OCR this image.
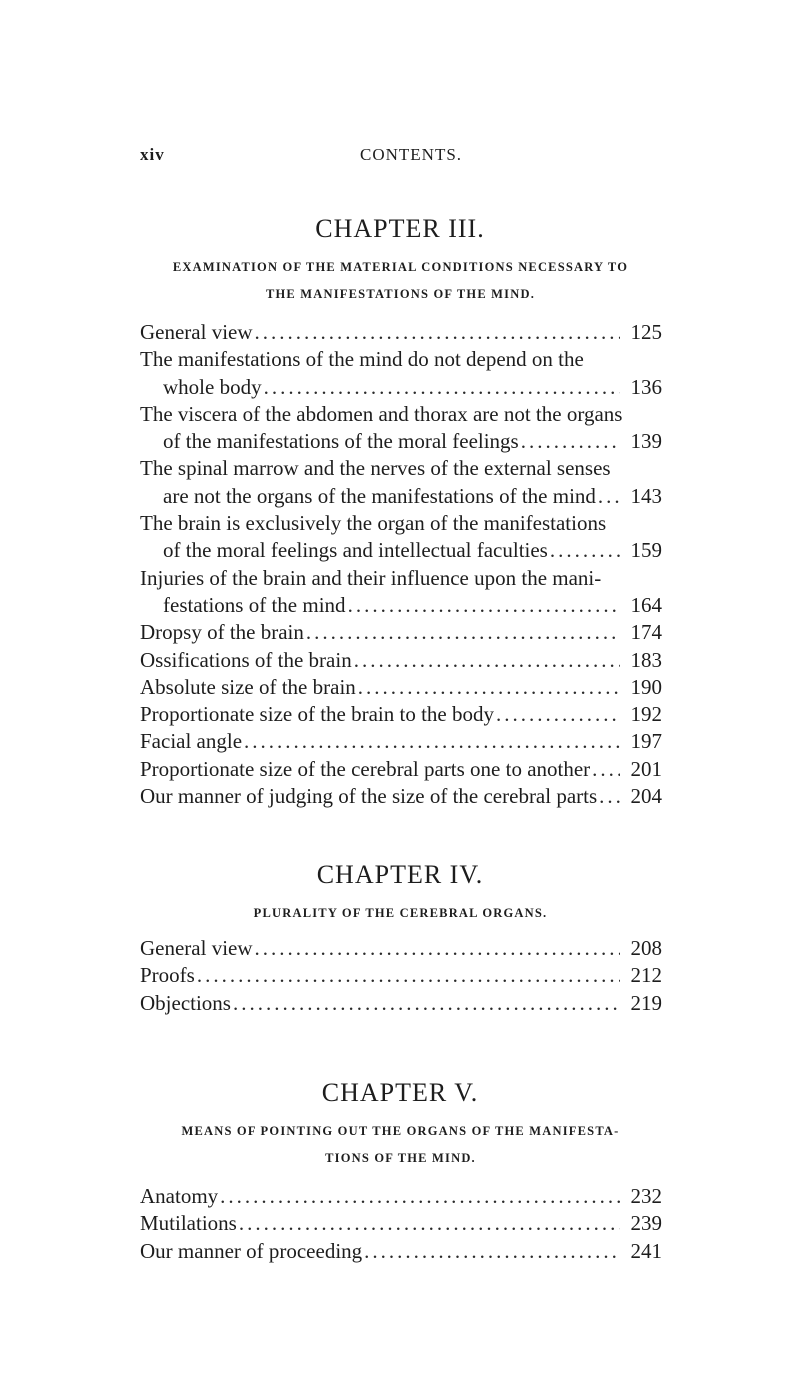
xiv	CONTENTS.
CHAPTER III.
EXAMINATION OF THE MATERIAL CONDITIONS NECESSARY TO
THE MANIFESTATIONS OF THE MIND.
General view .....	125
The manifestations of the mind do not depend on the
whole body .....	136
The viscera of the abdomen and thorax are not the organs
of the manifestations of the moral feelings .....	139
The spinal marrow and the nerves of the external senses
are not the organs of the manifestations of the mind ..... 143
The brain is exclusively the organ of the manifestations
of the moral feelings and intellectual faculties .....	159
Injuries of the brain and their influence upon the mani-
festations of the mind .....	164
Dropsy of the brain .....	174
Ossifications of the brain .....	183
Absolute size of the brain .....	190
Proportionate size of the brain to the body .....	192
Facial angle .....	197
Proportionate size of the cerebral parts one to another ..... 201
Our manner of judging of the size of the cerebral parts ..... 204
CHAPTER IV.
PLURALITY OF THE CEREBRAL ORGANS.
General view .....	208
Proofs .....	212
Objections .....	219
CHAPTER V.
MEANS OF POINTING OUT THE ORGANS OF THE MANIFESTA-
TIONS OF THE MIND.
Anatomy .....	232
Mutilations .....	239
Our manner of proceeding .....	241
